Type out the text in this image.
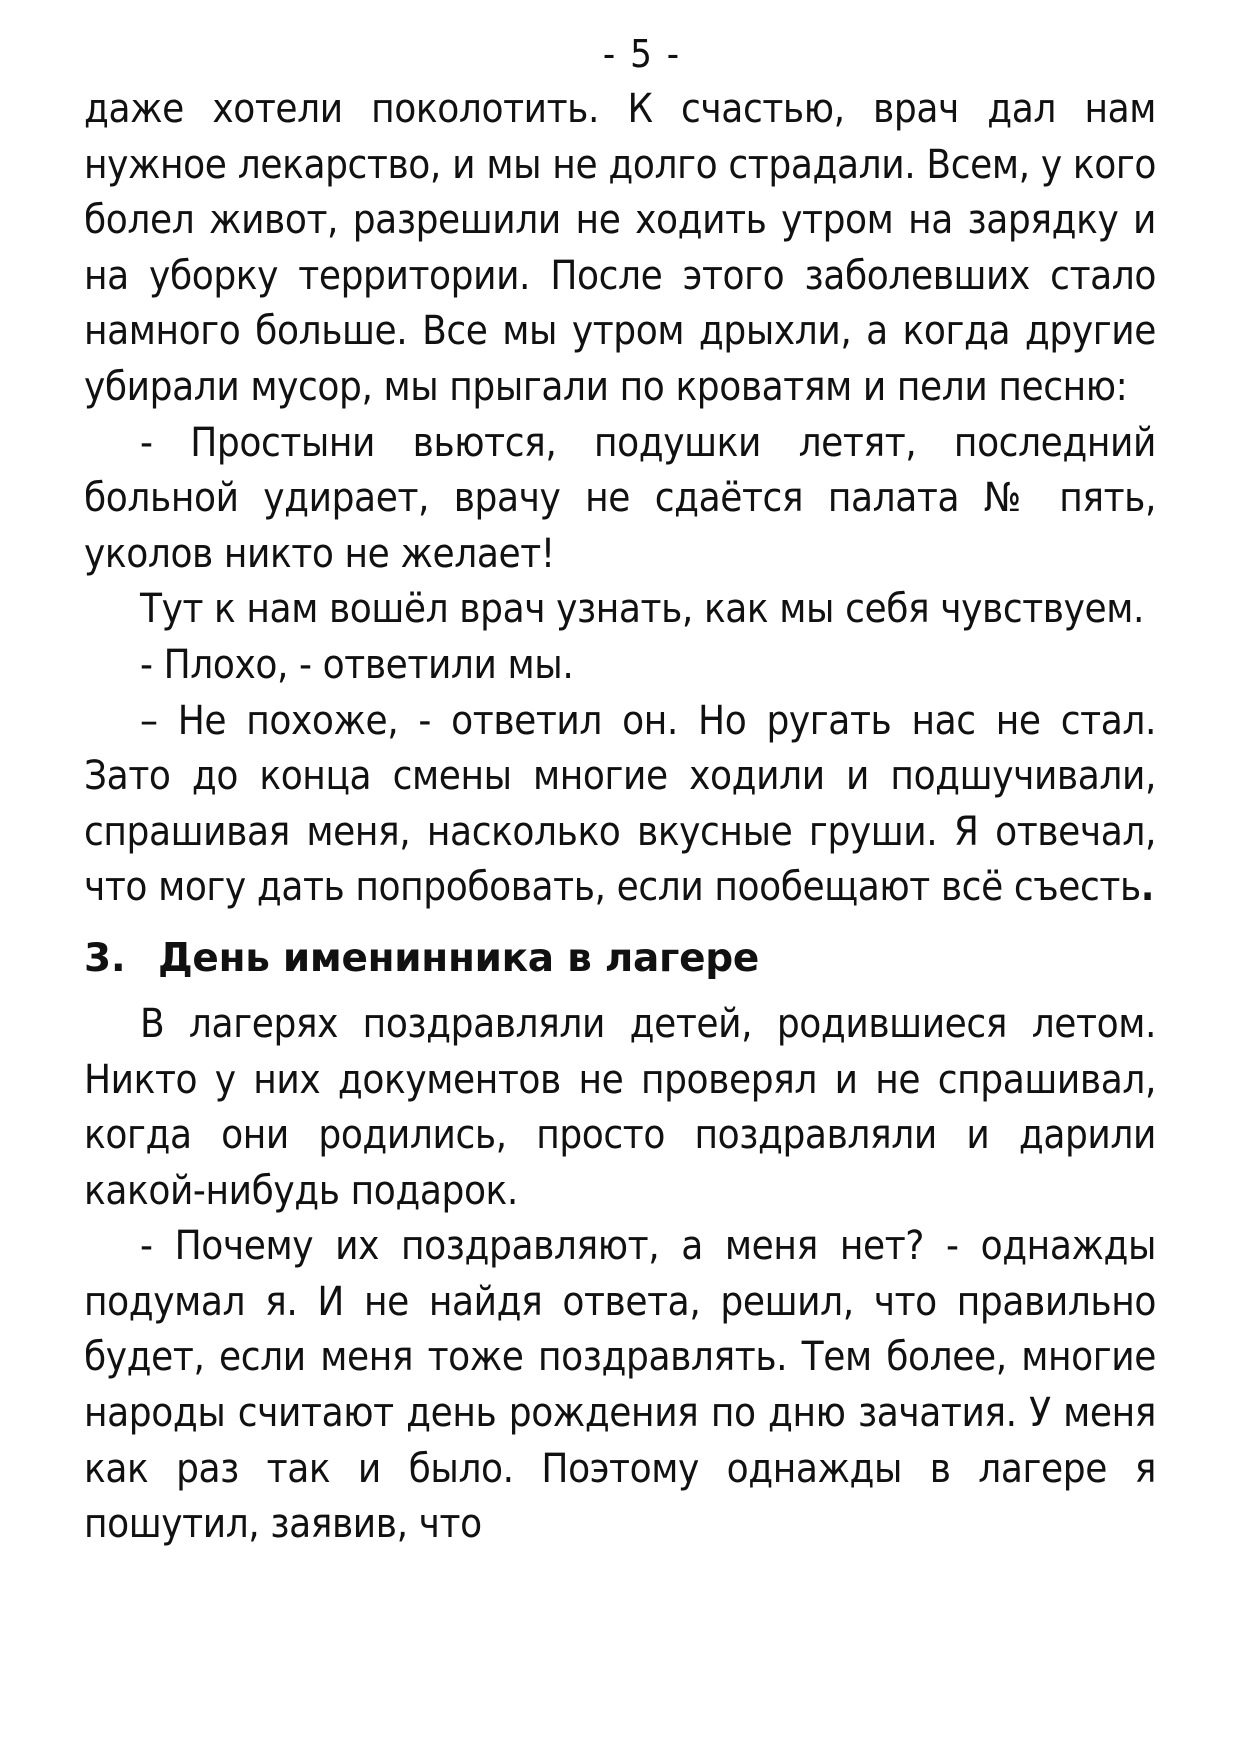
- 5 -

даже хотели поколотить. К счастью, врач дал нам нужное лекарство, и мы не долго страдали. Всем, у кого болел живот, разрешили не ходить утром на зарядку и на уборку территории. После этого заболевших стало намного больше. Все мы утром дрыхли, а когда другие убирали мусор, мы прыгали по кроватям и пели песню:

- Простыни вьются, подушки летят, последний больной удирает, врачу не сдаётся палата № пять, уколов никто не желает!

Тут к нам вошёл врач узнать, как мы себя чувствуем.

- Плохо, - ответили мы.

– Не похоже, - ответил он. Но ругать нас не стал. Зато до конца смены многие ходили и подшучивали, спрашивая меня, насколько вкусные груши. Я отвечал, что могу дать попробовать, если пообещают всё съесть.

3. День именинника в лагере

В лагерях поздравляли детей, родившиеся летом. Никто у них документов не проверял и не спрашивал, когда они родились, просто поздравляли и дарили какой-нибудь подарок.

- Почему их поздравляют, а меня нет? - однажды подумал я. И не найдя ответа, решил, что правильно будет, если меня тоже поздравлять. Тем более, многие народы считают день рождения по дню зачатия. У меня как раз так и было. Поэтому однажды в лагере я пошутил, заявив, что
